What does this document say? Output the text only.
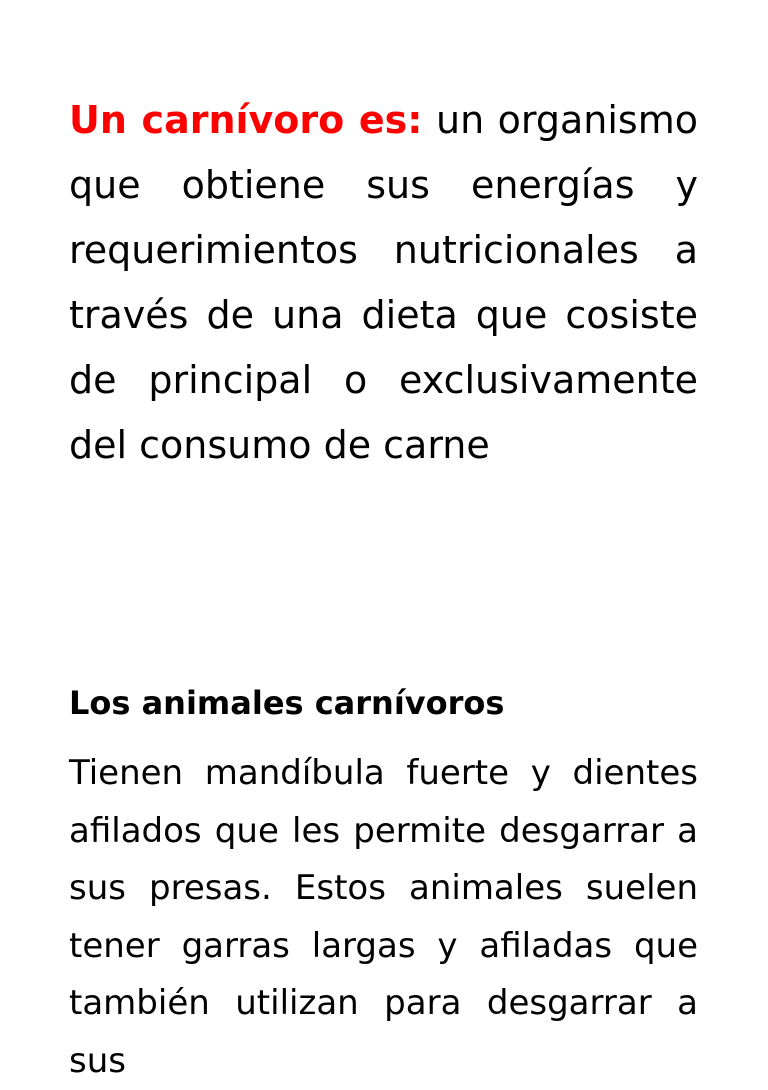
Un carnívoro es: un organismo que obtiene sus energías y requerimientos nutricionales a través de una dieta que cosiste de principal o exclusivamente del consumo de carne

Los animales carnívoros

Tienen mandíbula fuerte y dientes afilados que les permite desgarrar a sus presas. Estos animales suelen tener garras largas y afiladas que también utilizan para desgarrar a sus
